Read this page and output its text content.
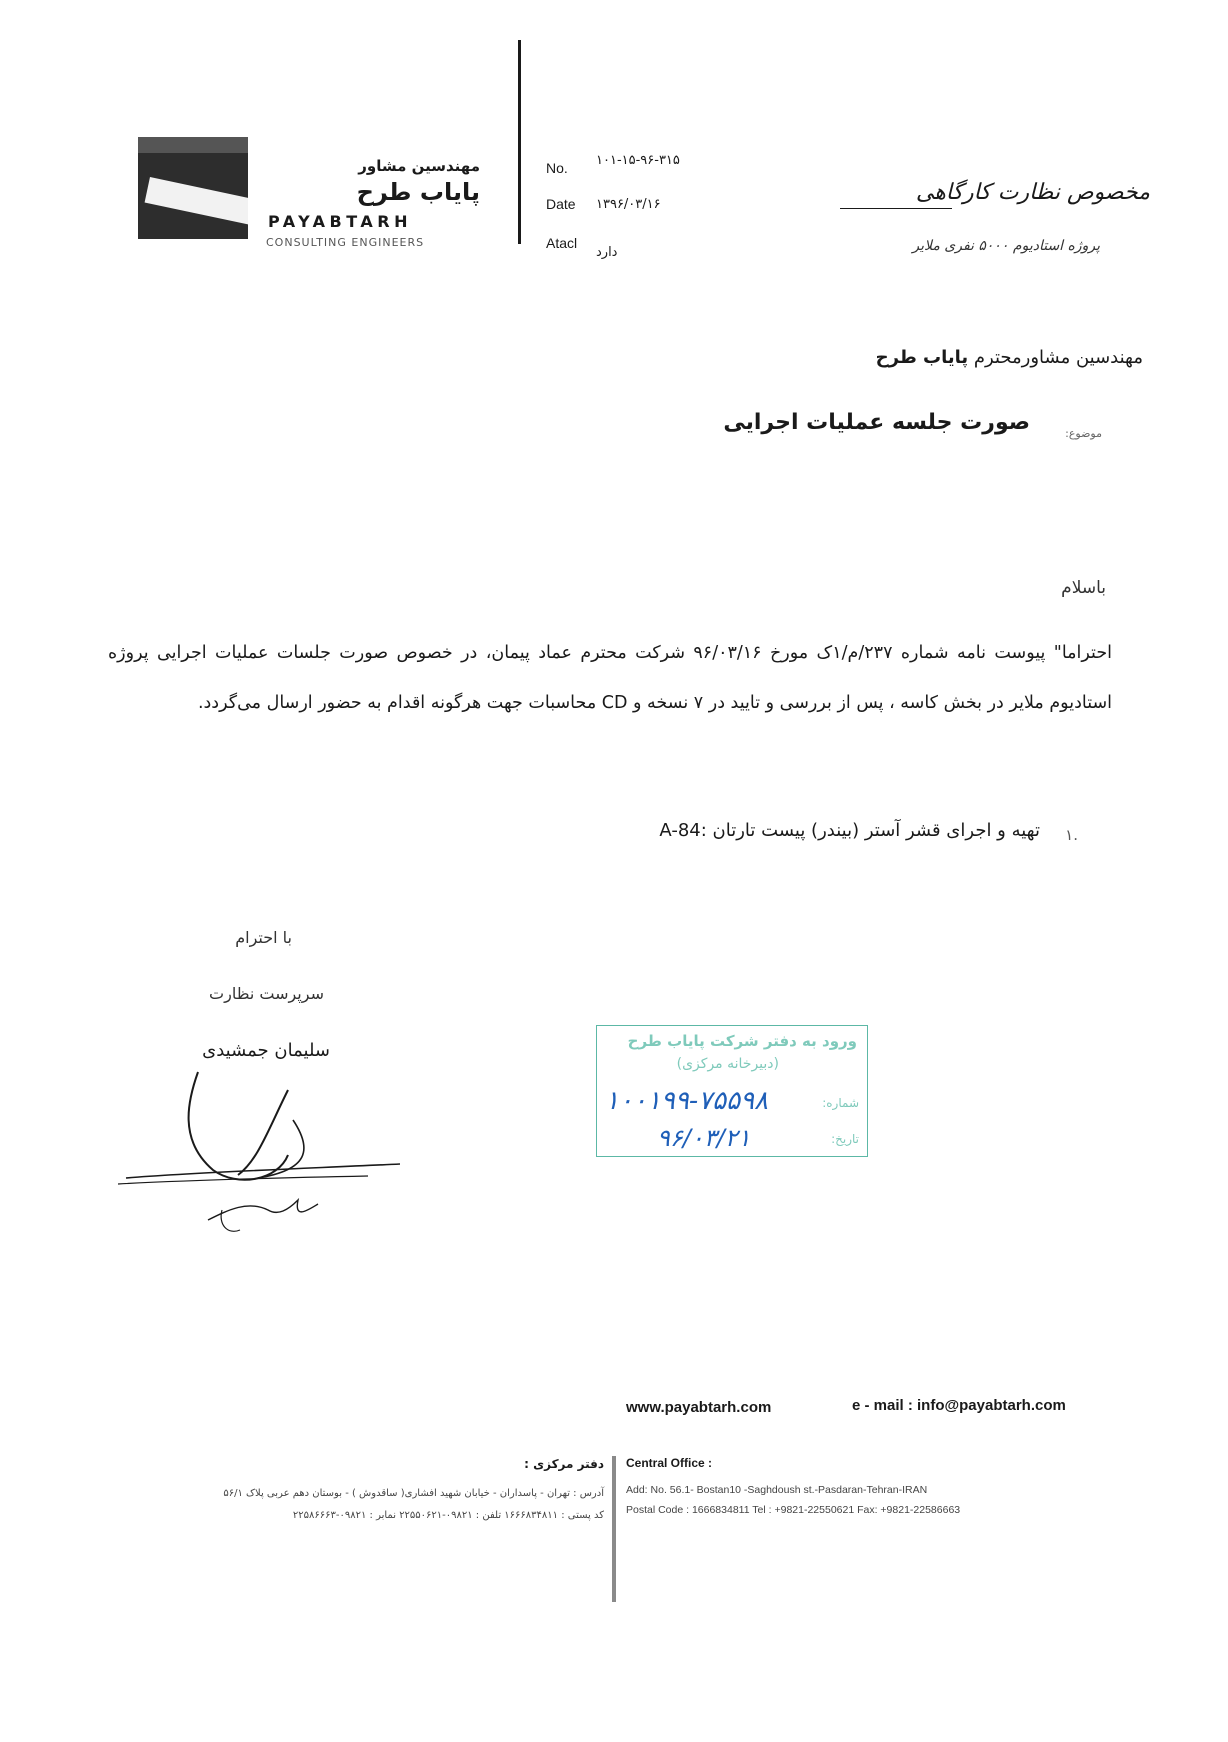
مهندسین مشاور
پایاب طرح
PAYABTARH
CONSULTING ENGINEERS
No. ۱۰۱-۱۵-۹۶-۳۱۵
Date ۱۳۹۶/۰۳/۱۶
Atacl
دارد
مخصوص نظارت کارگاهی
پروژه استادیوم ۵۰۰۰ نفری ملایر
مهندسین مشاورمحترم پایاب طرح
موضوع:
صورت جلسه عملیات اجرایی
باسلام
احتراما" پیوست نامه شماره ۲۳۷/م/۱ک مورخ ۹۶/۰۳/۱۶ شرکت محترم عماد پیمان، در خصوص صورت جلسات عملیات اجرایی پروژه استادیوم ملایر در بخش کاسه ، پس از بررسی و تایید در ۷ نسخه و CD محاسبات جهت هرگونه اقدام به حضور ارسال می‌گردد.
۱.
A-84: تهیه و اجرای قشر آستر (بیندر) پیست تارتان
با احترام
سرپرست نظارت
سلیمان جمشیدی	ورود به دفتر شرکت پایاب طرح
(دبیرخانه مرکزی)
شماره:
۱۰۰۱۹۹-۷۵۵۹۸
تاریخ:
۹۶/۰۳/۲۱
www.payabtarh.com	e - mail : info@payabtarh.com
Central Office :
Add: No. 56.1- Bostan10 -Saghdoush st.-Pasdaran-Tehran-IRAN
Postal Code : 1666834811 Tel : +9821-22550621 Fax: +9821-22586663
دفتر مرکزی :
آدرس : تهران - پاسداران - خیابان شهید افشاری( ساقدوش ) - بوستان دهم عربی پلاک ۵۶/۱
کد پستی : ۱۶۶۶۸۳۴۸۱۱ تلفن : ۰۹۸۲۱-۲۲۵۵۰۶۲۱ نمابر : ۰۹۸۲۱-۲۲۵۸۶۶۶۳
